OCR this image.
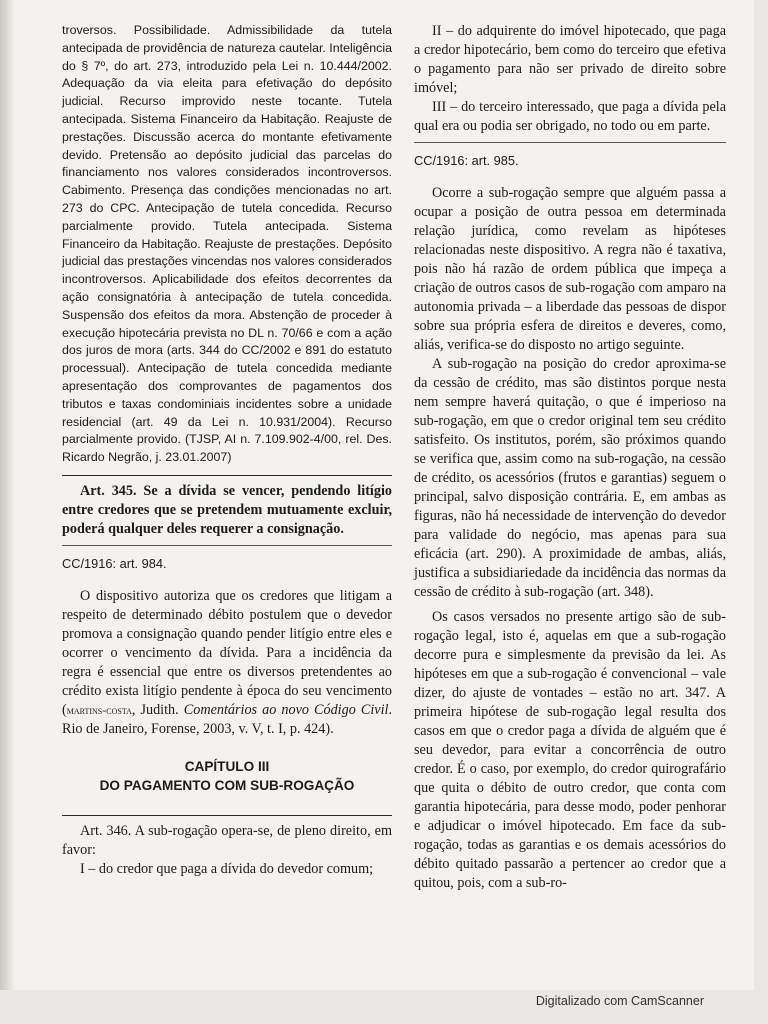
troversos. Possibilidade. Admissibilidade da tutela antecipada de providência de natureza cautelar. Inteligência do § 7º, do art. 273, introduzido pela Lei n. 10.444/2002. Adequação da via eleita para efetivação do depósito judicial. Recurso improvido neste tocante. Tutela antecipada. Sistema Financeiro da Habitação. Reajuste de prestações. Discussão acerca do montante efetivamente devido. Pretensão ao depósito judicial das parcelas do financiamento nos valores considerados incontroversos. Cabimento. Presença das condições mencionadas no art. 273 do CPC. Antecipação de tutela concedida. Recurso parcialmente provido. Tutela antecipada. Sistema Financeiro da Habitação. Reajuste de prestações. Depósito judicial das prestações vincendas nos valores considerados incontroversos. Aplicabilidade dos efeitos decorrentes da ação consignatória à antecipação de tutela concedida. Suspensão dos efeitos da mora. Abstenção de proceder à execução hipotecária prevista no DL n. 70/66 e com a ação dos juros de mora (arts. 344 do CC/2002 e 891 do estatuto processual). Antecipação de tutela concedida mediante apresentação dos comprovantes de pagamentos dos tributos e taxas condominiais incidentes sobre a unidade residencial (art. 49 da Lei n. 10.931/2004). Recurso parcialmente provido. (TJSP, AI n. 7.109.902-4/00, rel. Des. Ricardo Negrão, j. 23.01.2007)

Art. 345. Se a dívida se vencer, pendendo litígio entre credores que se pretendem mutuamente excluir, poderá qualquer deles requerer a consignação.

CC/1916: art. 984.

O dispositivo autoriza que os credores que litigam a respeito de determinado débito postulem que o devedor promova a consignação quando pender litígio entre eles e ocorrer o vencimento da dívida. Para a incidência da regra é essencial que entre os diversos pretendentes ao crédito exista litígio pendente à época do seu vencimento (martins-costa, Judith. Comentários ao novo Código Civil. Rio de Janeiro, Forense, 2003, v. V, t. I, p. 424).

CAPÍTULO III
DO PAGAMENTO COM SUB-ROGAÇÃO

Art. 346. A sub-rogação opera-se, de pleno direito, em favor:

I – do credor que paga a dívida do devedor comum;

II – do adquirente do imóvel hipotecado, que paga a credor hipotecário, bem como do terceiro que efetiva o pagamento para não ser privado de direito sobre imóvel;

III – do terceiro interessado, que paga a dívida pela qual era ou podia ser obrigado, no todo ou em parte.

CC/1916: art. 985.

Ocorre a sub-rogação sempre que alguém passa a ocupar a posição de outra pessoa em determinada relação jurídica, como revelam as hipóteses relacionadas neste dispositivo. A regra não é taxativa, pois não há razão de ordem pública que impeça a criação de outros casos de sub-rogação com amparo na autonomia privada – a liberdade das pessoas de dispor sobre sua própria esfera de direitos e deveres, como, aliás, verifica-se do disposto no artigo seguinte.

A sub-rogação na posição do credor aproxima-se da cessão de crédito, mas são distintos porque nesta nem sempre haverá quitação, o que é imperioso na sub-rogação, em que o credor original tem seu crédito satisfeito. Os institutos, porém, são próximos quando se verifica que, assim como na sub-rogação, na cessão de crédito, os acessórios (frutos e garantias) seguem o principal, salvo disposição contrária. E, em ambas as figuras, não há necessidade de intervenção do devedor para validade do negócio, mas apenas para sua eficácia (art. 290). A proximidade de ambas, aliás, justifica a subsidiariedade da incidência das normas da cessão de crédito à sub-rogação (art. 348).

Os casos versados no presente artigo são de sub-rogação legal, isto é, aquelas em que a sub-rogação decorre pura e simplesmente da previsão da lei. As hipóteses em que a sub-rogação é convencional – vale dizer, do ajuste de vontades – estão no art. 347. A primeira hipótese de sub-rogação legal resulta dos casos em que o credor paga a dívida de alguém que é seu devedor, para evitar a concorrência de outro credor. É o caso, por exemplo, do credor quirografário que quita o débito de outro credor, que conta com garantia hipotecária, para desse modo, poder penhorar e adjudicar o imóvel hipotecado. Em face da sub-rogação, todas as garantias e os demais acessórios do débito quitado passarão a pertencer ao credor que a quitou, pois, com a sub-ro-

Digitalizado com CamScanner
